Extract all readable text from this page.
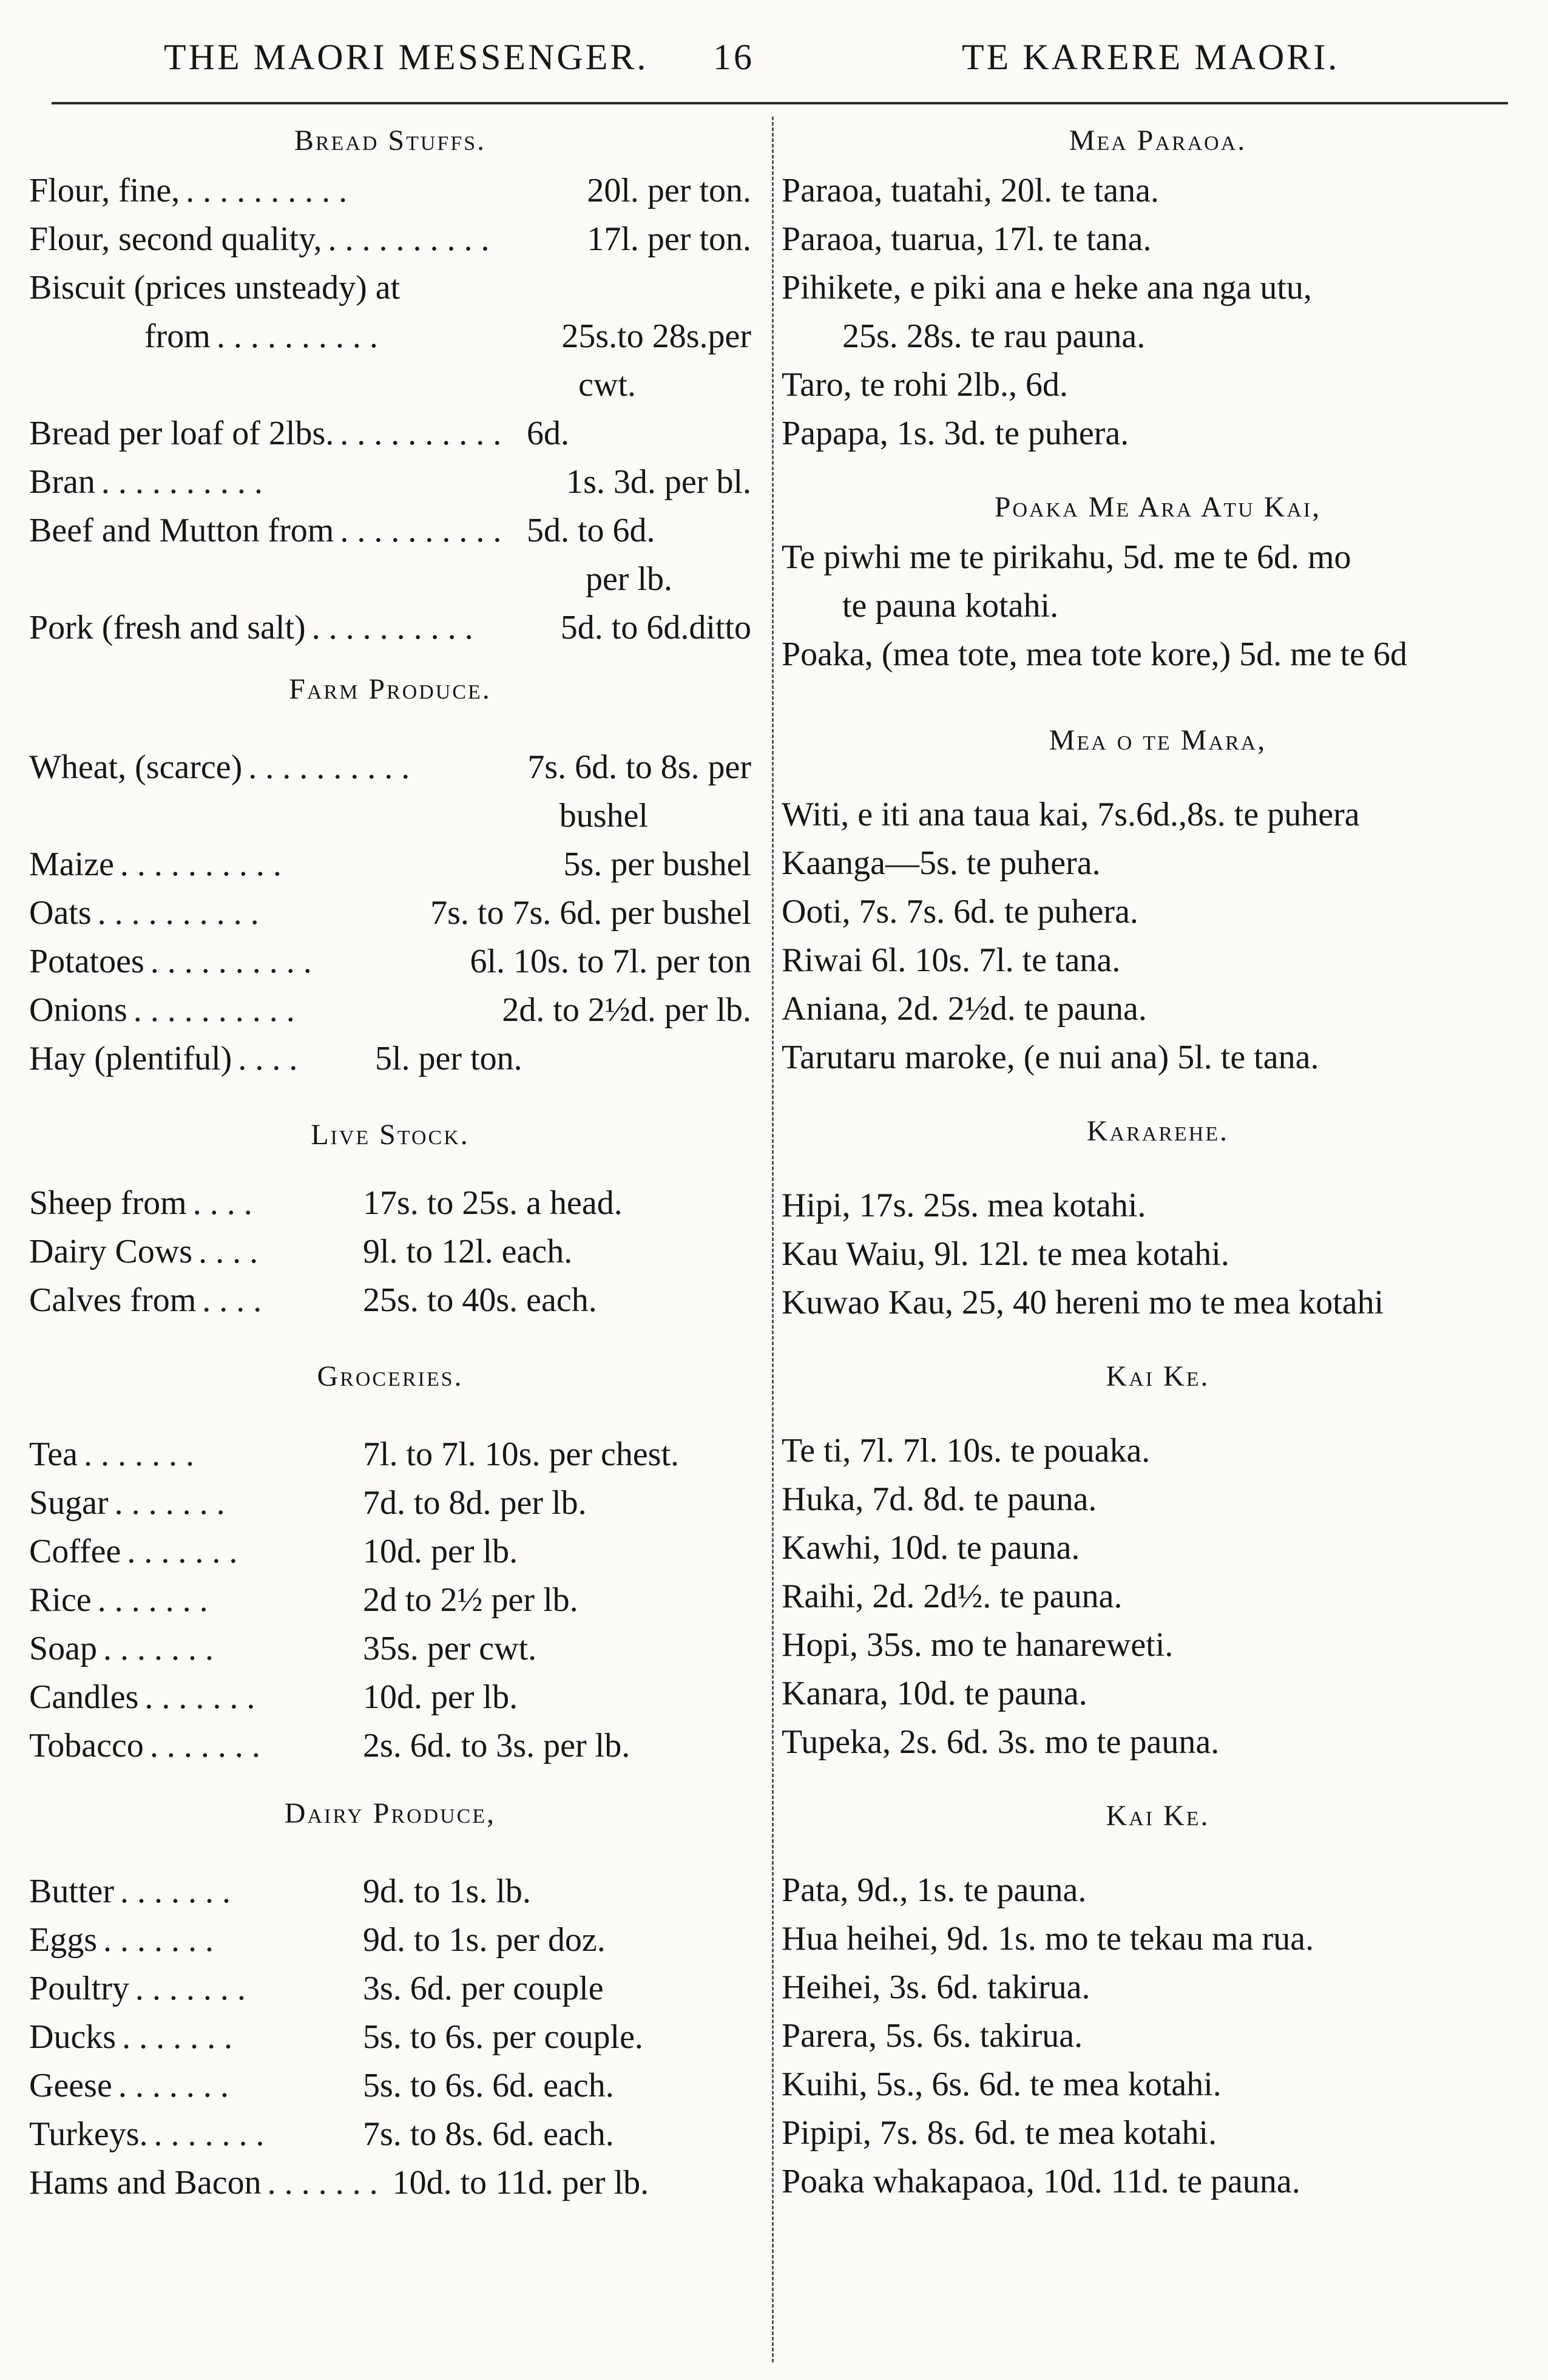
THE MAORI MESSENGER. 16	TE KARERE MAORI.
Bread Stuffs.
Flour, fine, ..........	20l. per ton.
Flour, second quality, ..........	17l. per ton.
Biscuit (prices unsteady) at
from ..........	25s.to 28s.per
cwt.
Bread per loaf of 2lbs. .......... 6d.
Bran ..........	1s. 3d. per bl.
Beef and Mutton from .......... 5d. to 6d.
per lb.
Pork (fresh and salt) ..........	5d. to 6d.ditto
Farm Produce.
Wheat, (scarce) ..........	7s. 6d. to 8s. per
bushel
Maize ..........	5s. per bushel
Oats ..........	7s. to 7s. 6d. per bushel
Potatoes ..........	6l. 10s. to 7l. per ton
Onions ..........	2d. to 2½d. per lb.
Hay (plentiful) ....	5l. per ton.
Live Stock.
Sheep from ....	17s. to 25s. a head.
Dairy Cows ....	9l. to 12l. each.
Calves from ....	25s. to 40s. each.
Groceries.
Tea .......	7l. to 7l. 10s. per chest.
Sugar .......	7d. to 8d. per lb.
Coffee .......	10d. per lb.
Rice .......	2d to 2½ per lb.
Soap .......	35s. per cwt.
Candles .......	10d. per lb.
Tobacco .......	2s. 6d. to 3s. per lb.
Dairy Produce,
Butter .......	9d. to 1s. lb.
Eggs .......	9d. to 1s. per doz.
Poultry .......	3s. 6d. per couple
Ducks .......	5s. to 6s. per couple.
Geese .......	5s. to 6s. 6d. each.
Turkeys. .......	7s. to 8s. 6d. each.
Hams and Bacon ....... 10d. to 11d. per lb.
Mea Paraoa.
Paraoa, tuatahi, 20l. te tana.
Paraoa, tuarua, 17l. te tana.
Pihikete, e piki ana e heke ana nga utu,
25s. 28s. te rau pauna.
Taro, te rohi 2lb., 6d.
Papapa, 1s. 3d. te puhera.
Poaka Me Ara Atu Kai,
Te piwhi me te pirikahu, 5d. me te 6d. mo
te pauna kotahi.
Poaka, (mea tote, mea tote kore,) 5d. me te 6d
Mea o te Mara,
Witi, e iti ana taua kai, 7s.6d.,8s. te puhera
Kaanga—5s. te puhera.
Ooti, 7s. 7s. 6d. te puhera.
Riwai 6l. 10s. 7l. te tana.
Aniana, 2d. 2½d. te pauna.
Tarutaru maroke, (e nui ana) 5l. te tana.
Kararehe.
Hipi, 17s. 25s. mea kotahi.
Kau Waiu, 9l. 12l. te mea kotahi.
Kuwao Kau, 25, 40 hereni mo te mea kotahi
Kai Ke.
Te ti, 7l. 7l. 10s. te pouaka.
Huka, 7d. 8d. te pauna.
Kawhi, 10d. te pauna.
Raihi, 2d. 2d½. te pauna.
Hopi, 35s. mo te hanareweti.
Kanara, 10d. te pauna.
Tupeka, 2s. 6d. 3s. mo te pauna.
Kai Ke.
Pata, 9d., 1s. te pauna.
Hua heihei, 9d. 1s. mo te tekau ma rua.
Heihei, 3s. 6d. takirua.
Parera, 5s. 6s. takirua.
Kuihi, 5s., 6s. 6d. te mea kotahi.
Pipipi, 7s. 8s. 6d. te mea kotahi.
Poaka whakapaoa, 10d. 11d. te pauna.
